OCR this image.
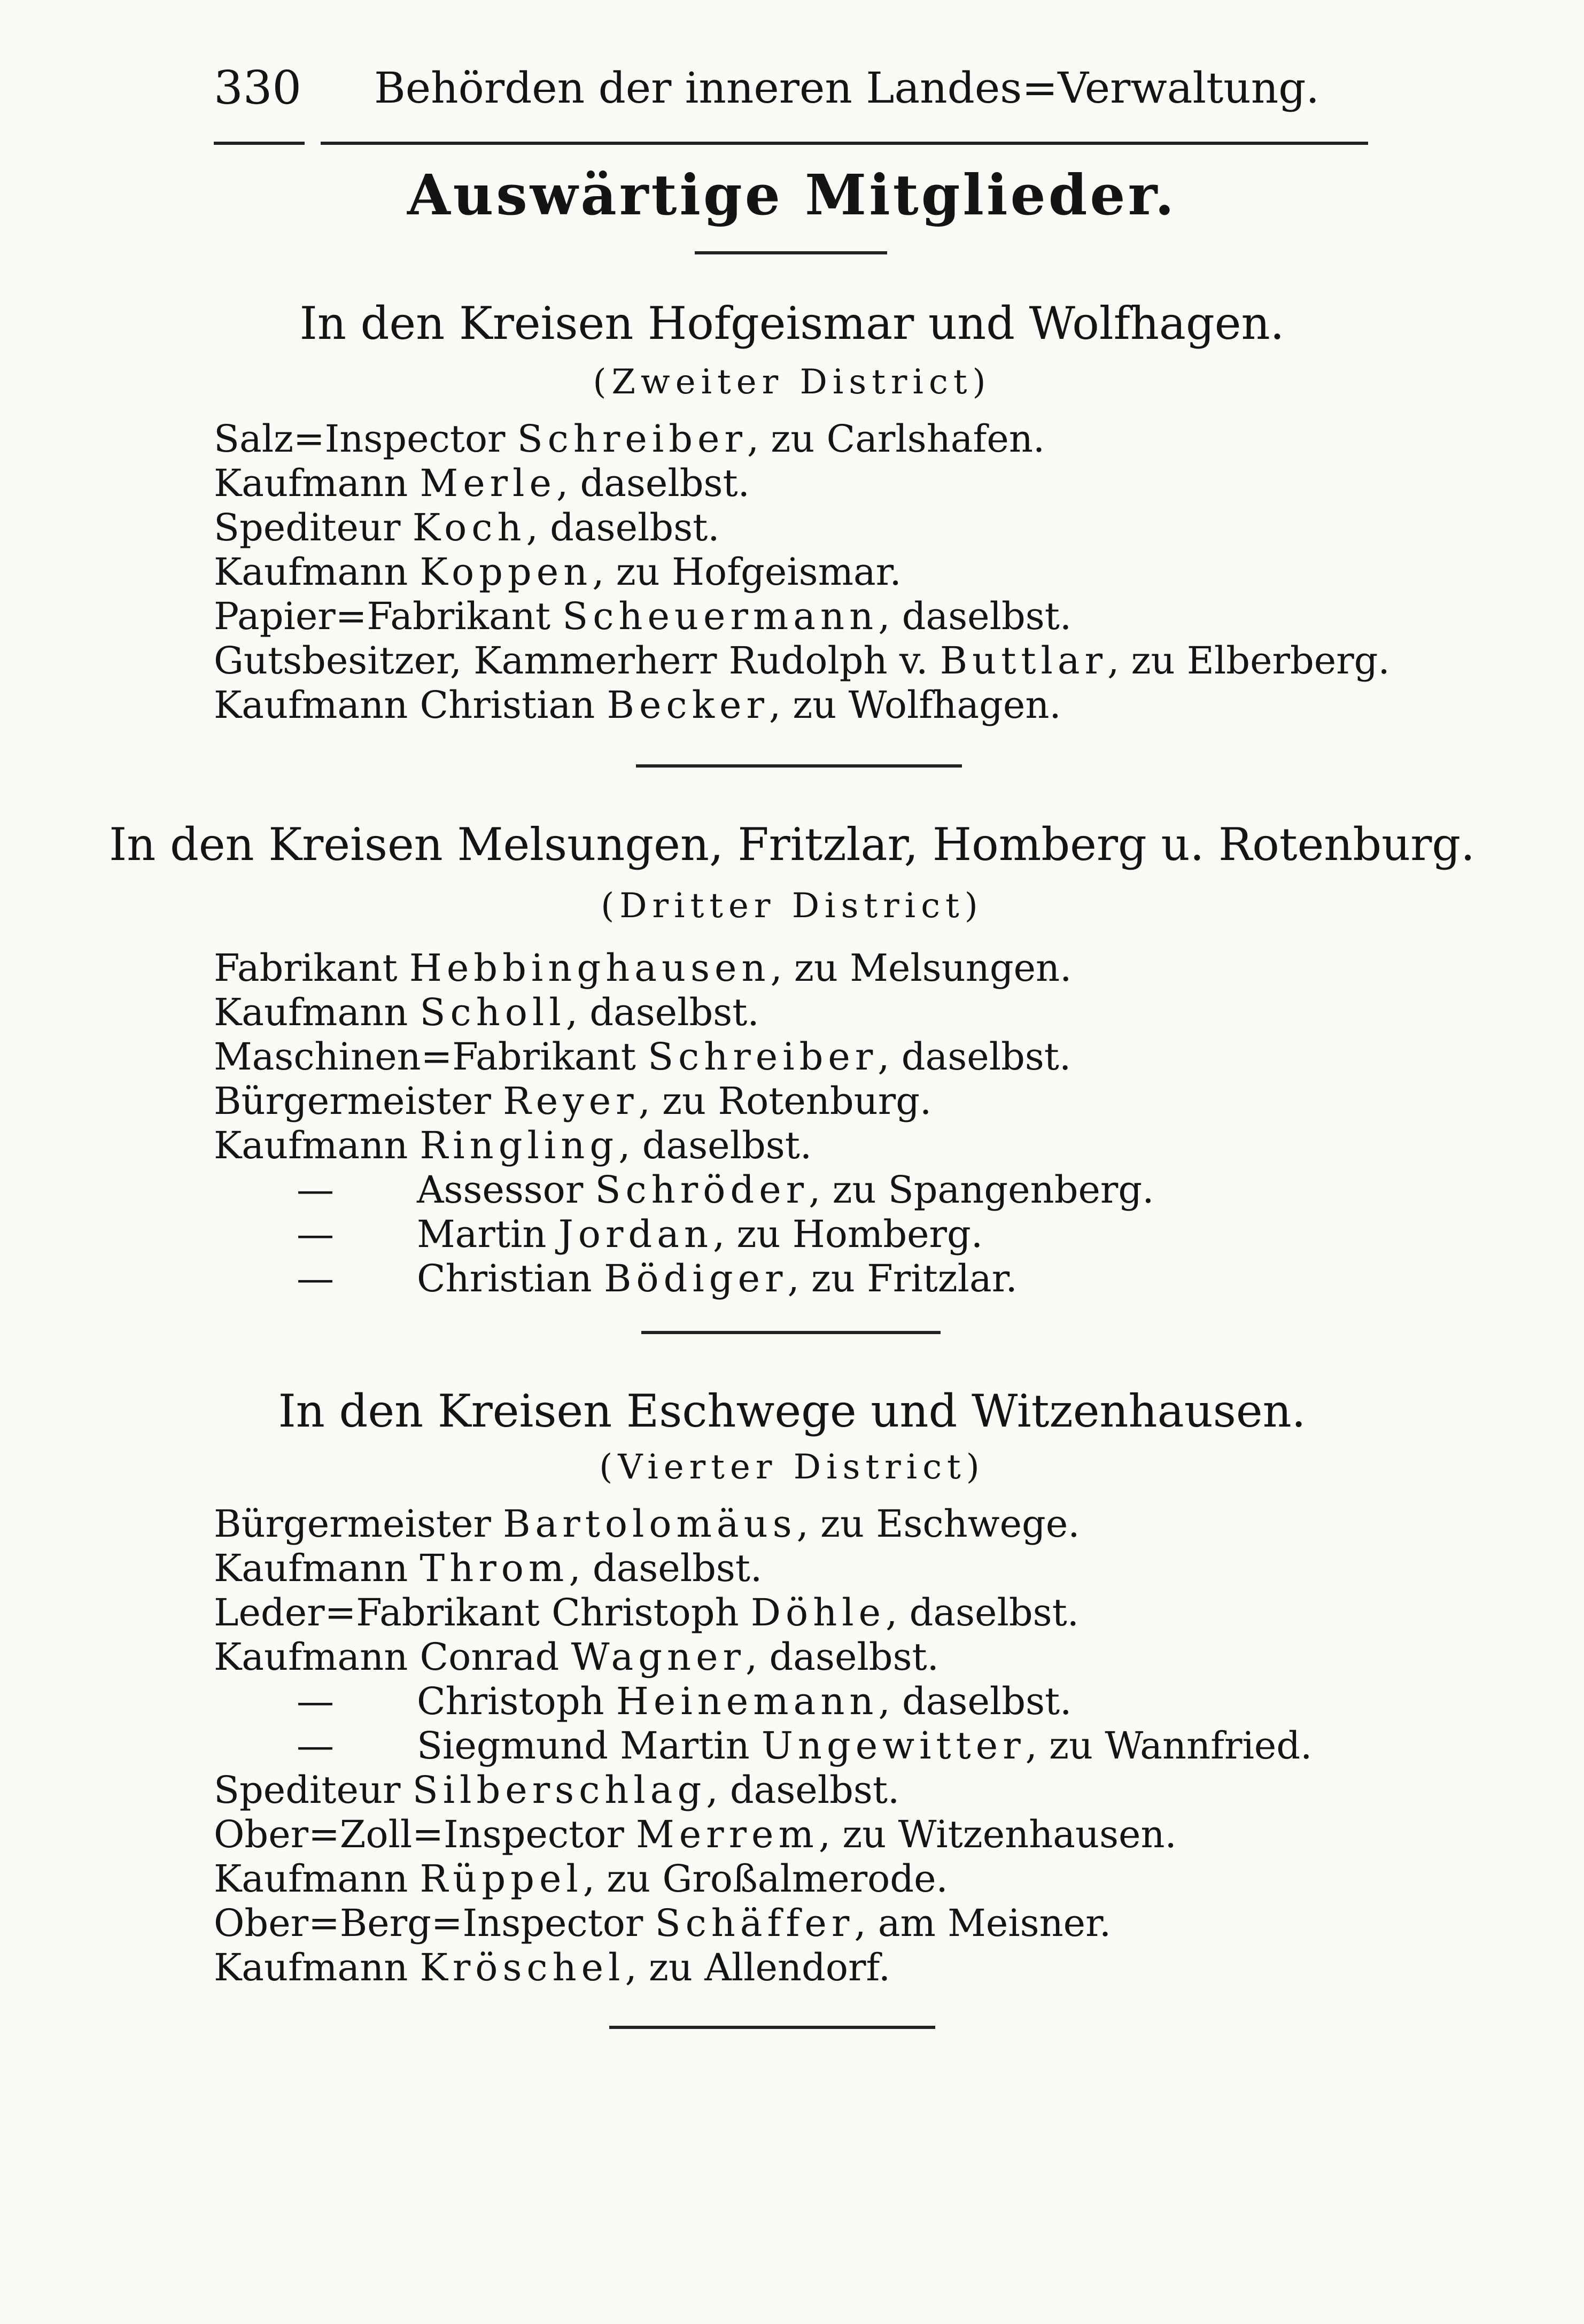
330 Behörden der inneren Landes=Verwaltung.
Auswärtige Mitglieder.
In den Kreisen Hofgeismar und Wolfhagen.
(Zweiter District)
Salz=Inspector Schreiber, zu Carlshafen.
Kaufmann Merle, daselbst.
Spediteur Koch, daselbst.
Kaufmann Koppen, zu Hofgeismar.
Papier=Fabrikant Scheuermann, daselbst.
Gutsbesitzer, Kammerherr Rudolph v. Buttlar, zu Elberberg.
Kaufmann Christian Becker, zu Wolfhagen.
In den Kreisen Melsungen, Fritzlar, Homberg u. Rotenburg.
(Dritter District)
Fabrikant Hebbinghausen, zu Melsungen.
Kaufmann Scholl, daselbst.
Maschinen=Fabrikant Schreiber, daselbst.
Bürgermeister Reyer, zu Rotenburg.
Kaufmann Ringling, daselbst.
— Assessor Schröder, zu Spangenberg.
— Martin Jordan, zu Homberg.
— Christian Bödiger, zu Fritzlar.
In den Kreisen Eschwege und Witzenhausen.
(Vierter District)
Bürgermeister Bartolomäus, zu Eschwege.
Kaufmann Throm, daselbst.
Leder=Fabrikant Christoph Döhle, daselbst.
Kaufmann Conrad Wagner, daselbst.
— Christoph Heinemann, daselbst.
— Siegmund Martin Ungewitter, zu Wannfried.
Spediteur Silberschlag, daselbst.
Ober=Zoll=Inspector Merrem, zu Witzenhausen.
Kaufmann Rüppel, zu Großalmerode.
Ober=Berg=Inspector Schäffer, am Meisner.
Kaufmann Kröschel, zu Allendorf.
